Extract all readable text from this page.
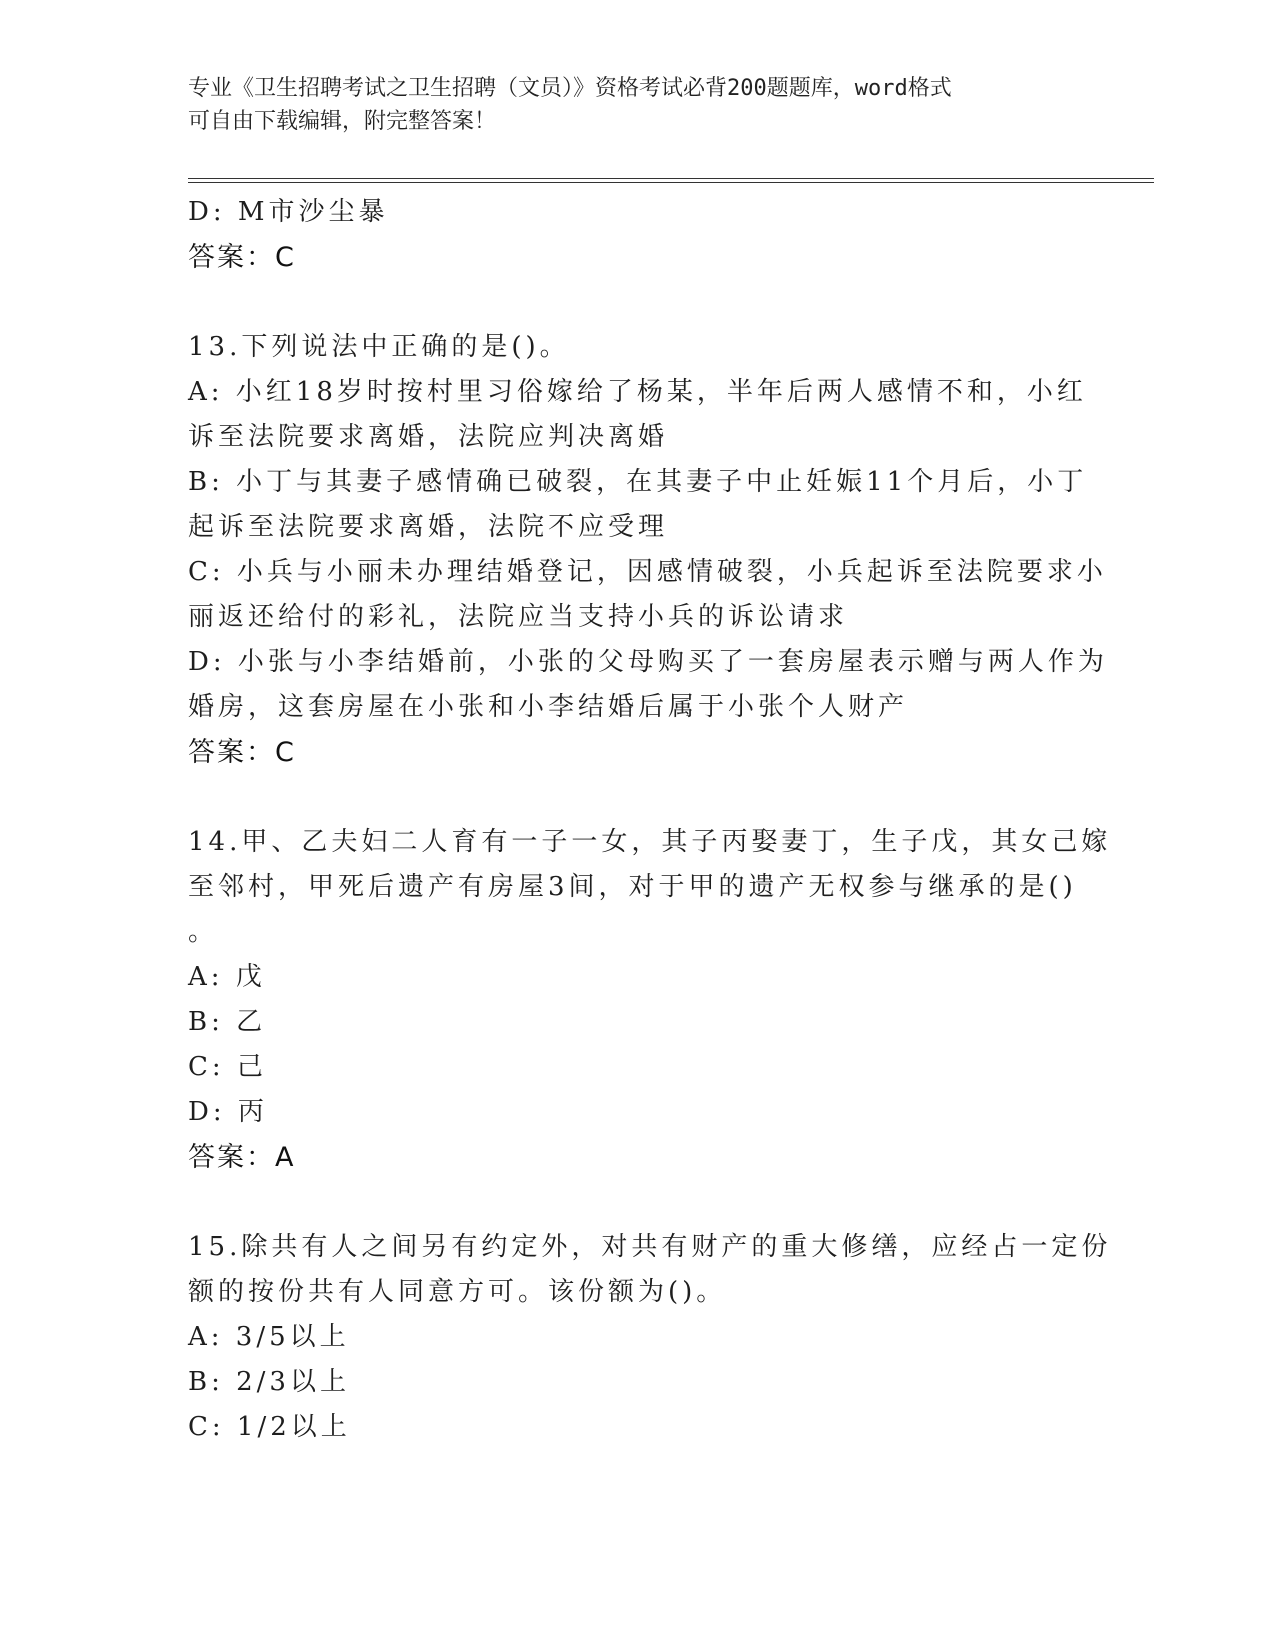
专业《卫生招聘考试之卫生招聘（文员）》资格考试必背200题题库，word格式
可自由下载编辑，附完整答案！
D: M市沙尘暴
答案：C
13.下列说法中正确的是()。
A: 小红18岁时按村里习俗嫁给了杨某，半年后两人感情不和，小红
诉至法院要求离婚，法院应判决离婚
B: 小丁与其妻子感情确已破裂，在其妻子中止妊娠11个月后，小丁
起诉至法院要求离婚，法院不应受理
C: 小兵与小丽未办理结婚登记，因感情破裂，小兵起诉至法院要求小
丽返还给付的彩礼，法院应当支持小兵的诉讼请求
D: 小张与小李结婚前，小张的父母购买了一套房屋表示赠与两人作为
婚房，这套房屋在小张和小李结婚后属于小张个人财产
答案：C
14.甲、乙夫妇二人育有一子一女，其子丙娶妻丁，生子戊，其女己嫁
至邻村，甲死后遗产有房屋3间，对于甲的遗产无权参与继承的是()
。
A: 戊
B: 乙
C: 己
D: 丙
答案：A
15.除共有人之间另有约定外，对共有财产的重大修缮，应经占一定份
额的按份共有人同意方可。该份额为()。
A: 3/5以上
B: 2/3以上
C: 1/2以上
